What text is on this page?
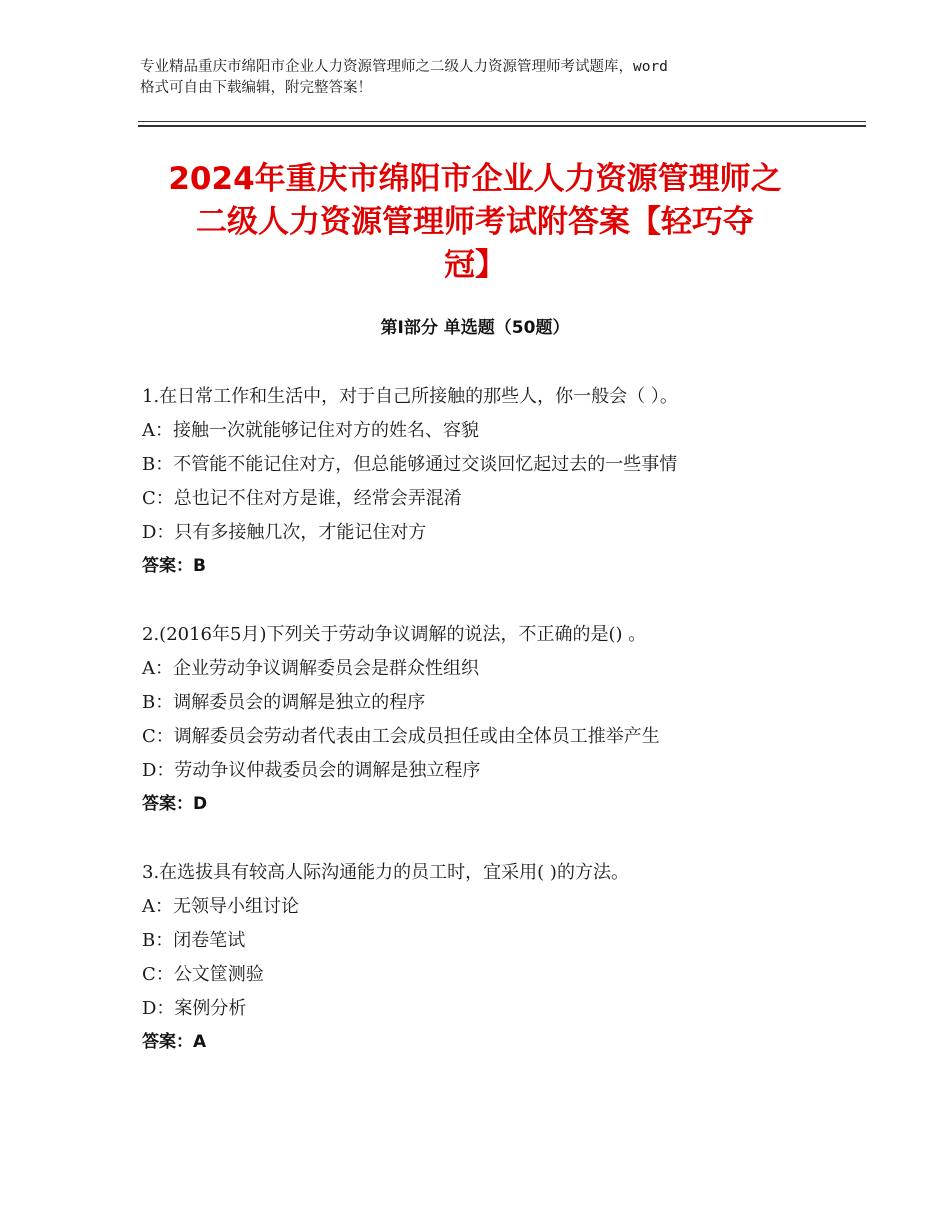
专业精品重庆市绵阳市企业人力资源管理师之二级人力资源管理师考试题库，word
格式可自由下载编辑，附完整答案！
2024年重庆市绵阳市企业人力资源管理师之
二级人力资源管理师考试附答案【轻巧夺
冠】
第Ⅰ部分 单选题（50题）
1.在日常工作和生活中，对于自己所接触的那些人，你一般会（ ）。
A：接触一次就能够记住对方的姓名、容貌
B：不管能不能记住对方，但总能够通过交谈回忆起过去的一些事情
C：总也记不住对方是谁，经常会弄混淆
D：只有多接触几次，才能记住对方
答案：B
2.(2016年5月)下列关于劳动争议调解的说法，不正确的是() 。
A：企业劳动争议调解委员会是群众性组织
B：调解委员会的调解是独立的程序
C：调解委员会劳动者代表由工会成员担任或由全体员工推举产生
D：劳动争议仲裁委员会的调解是独立程序
答案：D
3.在选拔具有较高人际沟通能力的员工时，宜采用( )的方法。
A：无领导小组讨论
B：闭卷笔试
C：公文筐测验
D：案例分析
答案：A
